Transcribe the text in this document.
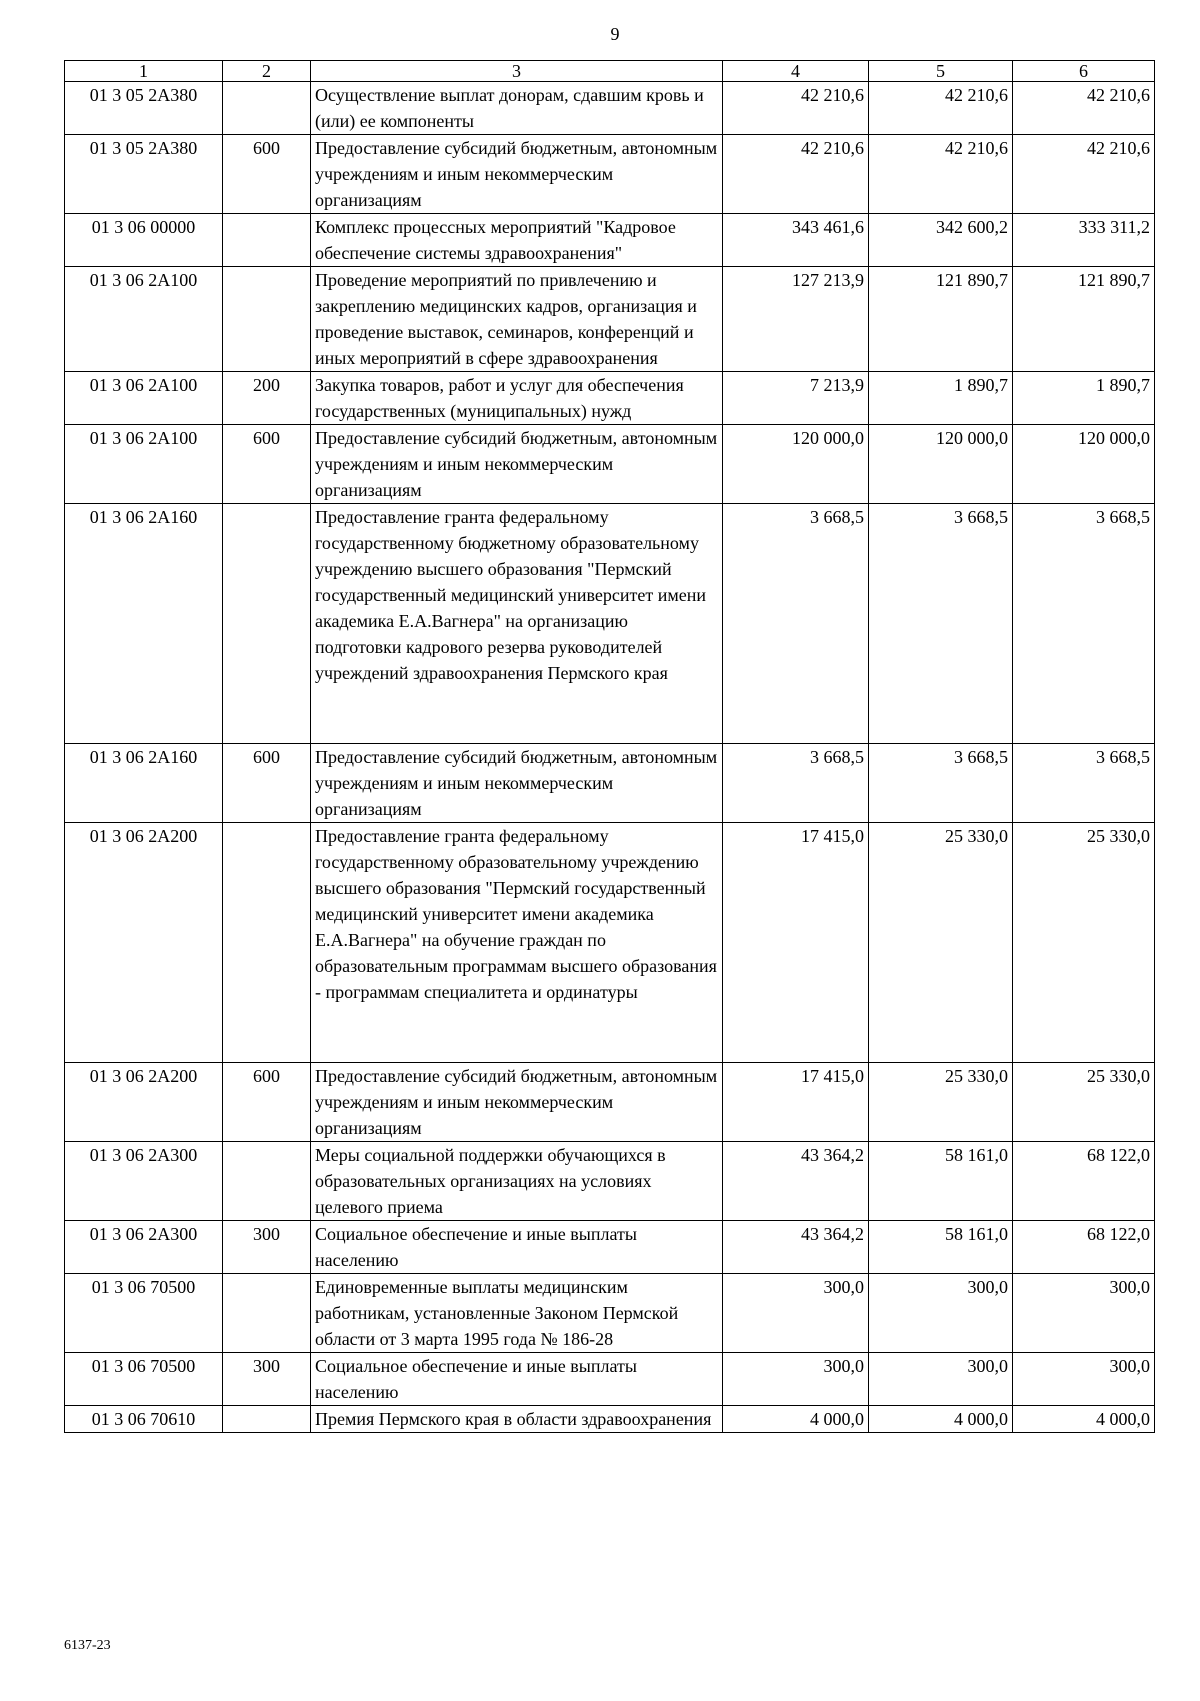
9
1	2	3	4	5	6
01 3 05 2А380		Осуществление выплат донорам, сдавшим кровь и (или) ее компоненты	42 210,6	42 210,6	42 210,6
01 3 05 2А380	600	Предоставление субсидий бюджетным, автономным учреждениям и иным некоммерческим организациям	42 210,6	42 210,6	42 210,6
01 3 06 00000		Комплекс процессных мероприятий "Кадровое обеспечение системы здравоохранения"	343 461,6	342 600,2	333 311,2
01 3 06 2А100		Проведение мероприятий по привлечению и закреплению медицинских кадров, организация и проведение выставок, семинаров, конференций и иных мероприятий в сфере здравоохранения	127 213,9	121 890,7	121 890,7
01 3 06 2А100	200	Закупка товаров, работ и услуг для обеспечения государственных (муниципальных) нужд	7 213,9	1 890,7	1 890,7
01 3 06 2А100	600	Предоставление субсидий бюджетным, автономным учреждениям и иным некоммерческим организациям	120 000,0	120 000,0	120 000,0
01 3 06 2А160		Предоставление гранта федеральному государственному бюджетному образовательному учреждению высшего образования "Пермский государственный медицинский университет имени академика Е.А.Вагнера" на организацию подготовки кадрового резерва руководителей учреждений здравоохранения Пермского края	3 668,5	3 668,5	3 668,5
01 3 06 2А160	600	Предоставление субсидий бюджетным, автономным учреждениям и иным некоммерческим организациям	3 668,5	3 668,5	3 668,5
01 3 06 2А200		Предоставление гранта федеральному государственному образовательному учреждению высшего образования "Пермский государственный медицинский университет имени академика Е.А.Вагнера" на обучение граждан по образовательным программам высшего образования - программам специалитета и ординатуры	17 415,0	25 330,0	25 330,0
01 3 06 2А200	600	Предоставление субсидий бюджетным, автономным учреждениям и иным некоммерческим организациям	17 415,0	25 330,0	25 330,0
01 3 06 2А300		Меры социальной поддержки обучающихся в образовательных организациях на условиях целевого приема	43 364,2	58 161,0	68 122,0
01 3 06 2А300	300	Социальное обеспечение и иные выплаты населению	43 364,2	58 161,0	68 122,0
01 3 06 70500		Единовременные выплаты медицинским работникам, установленные Законом Пермской области от 3 марта 1995 года № 186-28	300,0	300,0	300,0
01 3 06 70500	300	Социальное обеспечение и иные выплаты населению	300,0	300,0	300,0
01 3 06 70610		Премия Пермского края в области здравоохранения	4 000,0	4 000,0	4 000,0
6137-23
